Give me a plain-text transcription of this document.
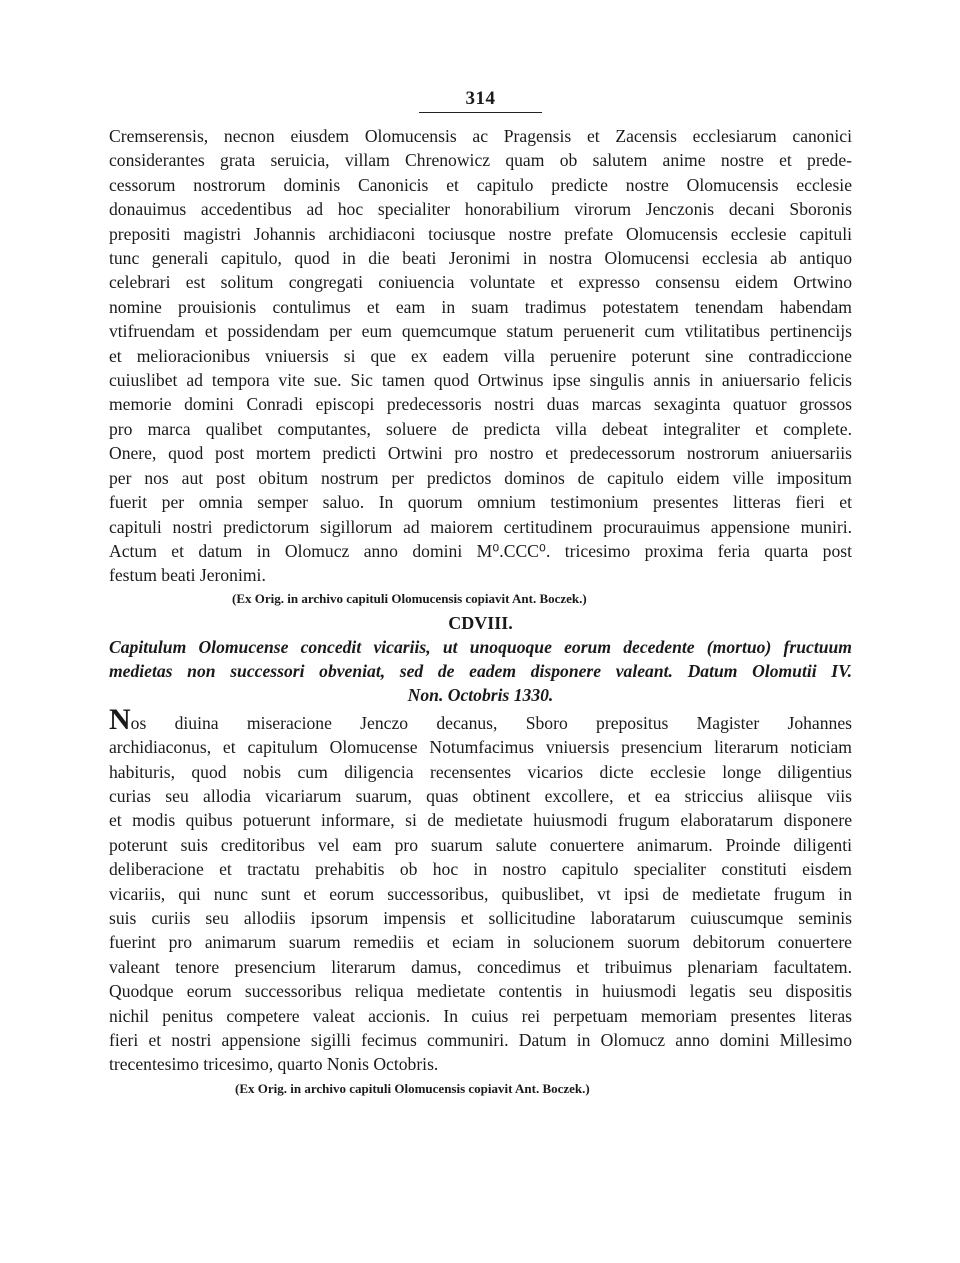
314

Cremserensis, necnon eiusdem Olomucensis ac Pragensis et Zacensis ecclesiarum canonici

considerantes grata seruicia, villam Chrenowicz quam ob salutem anime nostre et prede-

cessorum nostrorum dominis Canonicis et capitulo predicte nostre Olomucensis ecclesie

donauimus accedentibus ad hoc specialiter honorabilium virorum Jenczonis decani Sboronis

prepositi magistri Johannis archidiaconi tociusque nostre prefate Olomucensis ecclesie capituli

tunc generali capitulo, quod in die beati Jeronimi in nostra Olomucensi ecclesia ab antiquo

celebrari est solitum congregati coniuencia voluntate et expresso consensu eidem Ortwino

nomine prouisionis contulimus et eam in suam tradimus potestatem tenendam habendam

vtifruendam et possidendam per eum quemcumque statum peruenerit cum vtilitatibus pertinencijs

et melioracionibus vniuersis si que ex eadem villa peruenire poterunt sine contradiccione

cuiuslibet ad tempora vite sue. Sic tamen quod Ortwinus ipse singulis annis in aniuersario felicis

memorie domini Conradi episcopi predecessoris nostri duas marcas sexaginta quatuor grossos

pro marca qualibet computantes, soluere de predicta villa debeat integraliter et complete.

Onere, quod post mortem predicti Ortwini pro nostro et predecessorum nostrorum aniuersariis

per nos aut post obitum nostrum per predictos dominos de capitulo eidem ville impositum

fuerit per omnia semper saluo. In quorum omnium testimonium presentes litteras fieri et

capituli nostri predictorum sigillorum ad maiorem certitudinem procurauimus appensione muniri.

Actum et datum in Olomucz anno domini M⁰.CCC⁰. tricesimo proxima feria quarta post

festum beati Jeronimi.

(Ex Orig. in archivo capituli Olomucensis copiavit Ant. Boczek.)
CDVIII.

Capitulum Olomucense concedit vicariis, ut unoquoque eorum decedente (mortuo) fructuum

medietas non successori obveniat, sed de eadem disponere valeant. Datum Olomutii IV.

Non. Octobris 1330.

Nos diuina miseracione Jenczo decanus, Sboro prepositus Magister Johannes

archidiaconus, et capitulum Olomucense Notumfacimus vniuersis presencium literarum noticiam

habituris, quod nobis cum diligencia recensentes vicarios dicte ecclesie longe diligentius

curias seu allodia vicariarum suarum, quas obtinent excollere, et ea striccius aliisque viis

et modis quibus potuerunt informare, si de medietate huiusmodi frugum elaboratarum disponere

poterunt suis creditoribus vel eam pro suarum salute conuertere animarum. Proinde diligenti

deliberacione et tractatu prehabitis ob hoc in nostro capitulo specialiter constituti eisdem

vicariis, qui nunc sunt et eorum successoribus, quibuslibet, vt ipsi de medietate frugum in

suis curiis seu allodiis ipsorum impensis et sollicitudine laboratarum cuiuscumque seminis

fuerint pro animarum suarum remediis et eciam in solucionem suorum debitorum conuertere

valeant tenore presencium literarum damus, concedimus et tribuimus plenariam facultatem.

Quodque eorum successoribus reliqua medietate contentis in huiusmodi legatis seu dispositis

nichil penitus competere valeat accionis. In cuius rei perpetuam memoriam presentes literas

fieri et nostri appensione sigilli fecimus communiri. Datum in Olomucz anno domini Millesimo

trecentesimo tricesimo, quarto Nonis Octobris.

(Ex Orig. in archivo capituli Olomucensis copiavit Ant. Boczek.)
